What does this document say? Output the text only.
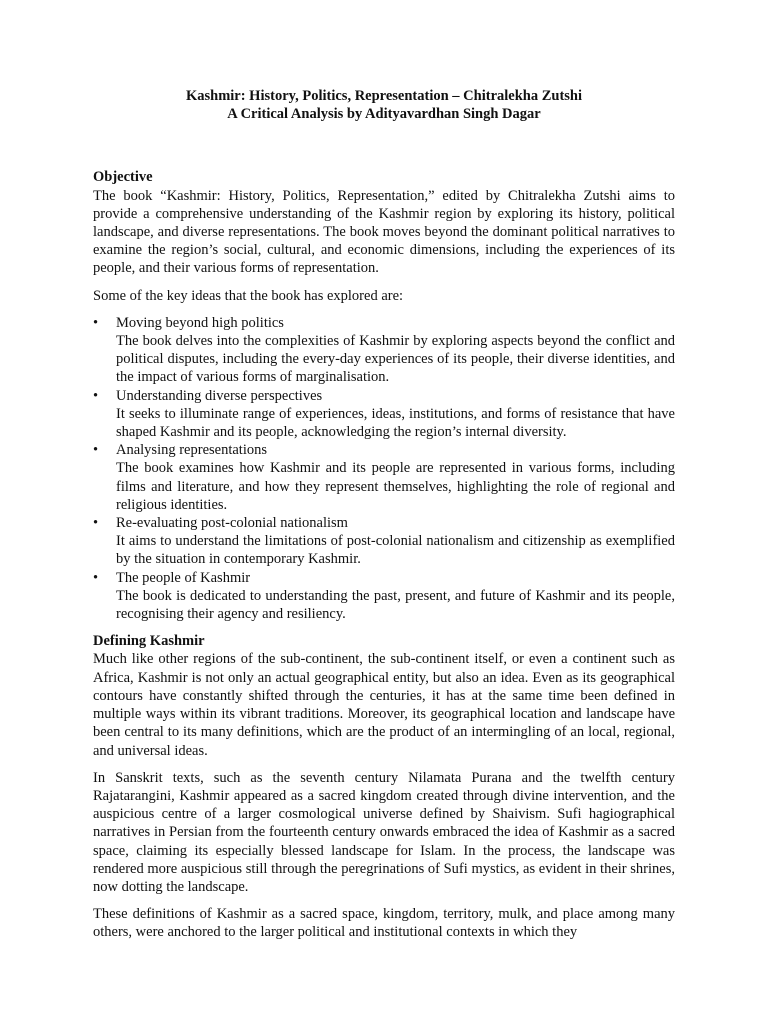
Kashmir: History, Politics, Representation – Chitralekha Zutshi
A Critical Analysis by Adityavardhan Singh Dagar
Objective

The book “Kashmir: History, Politics, Representation,” edited by Chitralekha Zutshi aims to provide a comprehensive understanding of the Kashmir region by exploring its history, political landscape, and diverse representations. The book moves beyond the dominant political narratives to examine the region’s social, cultural, and economic dimensions, including the experiences of its people, and their various forms of representation.

Some of the key ideas that the book has explored are:

• Moving beyond high politics
The book delves into the complexities of Kashmir by exploring aspects beyond the conflict and political disputes, including the every-day experiences of its people, their diverse identities, and the impact of various forms of marginalisation.
• Understanding diverse perspectives
It seeks to illuminate range of experiences, ideas, institutions, and forms of resistance that have shaped Kashmir and its people, acknowledging the region’s internal diversity.
• Analysing representations
The book examines how Kashmir and its people are represented in various forms, including films and literature, and how they represent themselves, highlighting the role of regional and religious identities.
• Re-evaluating post-colonial nationalism
It aims to understand the limitations of post-colonial nationalism and citizenship as exemplified by the situation in contemporary Kashmir.
• The people of Kashmir
The book is dedicated to understanding the past, present, and future of Kashmir and its people, recognising their agency and resiliency.
Defining Kashmir

Much like other regions of the sub-continent, the sub-continent itself, or even a continent such as Africa, Kashmir is not only an actual geographical entity, but also an idea. Even as its geographical contours have constantly shifted through the centuries, it has at the same time been defined in multiple ways within its vibrant traditions. Moreover, its geographical location and landscape have been central to its many definitions, which are the product of an intermingling of an local, regional, and universal ideas.

In Sanskrit texts, such as the seventh century Nilamata Purana and the twelfth century Rajatarangini, Kashmir appeared as a sacred kingdom created through divine intervention, and the auspicious centre of a larger cosmological universe defined by Shaivism. Sufi hagiographical narratives in Persian from the fourteenth century onwards embraced the idea of Kashmir as a sacred space, claiming its especially blessed landscape for Islam. In the process, the landscape was rendered more auspicious still through the peregrinations of Sufi mystics, as evident in their shrines, now dotting the landscape.

These definitions of Kashmir as a sacred space, kingdom, territory, mulk, and place among many others, were anchored to the larger political and institutional contexts in which they
